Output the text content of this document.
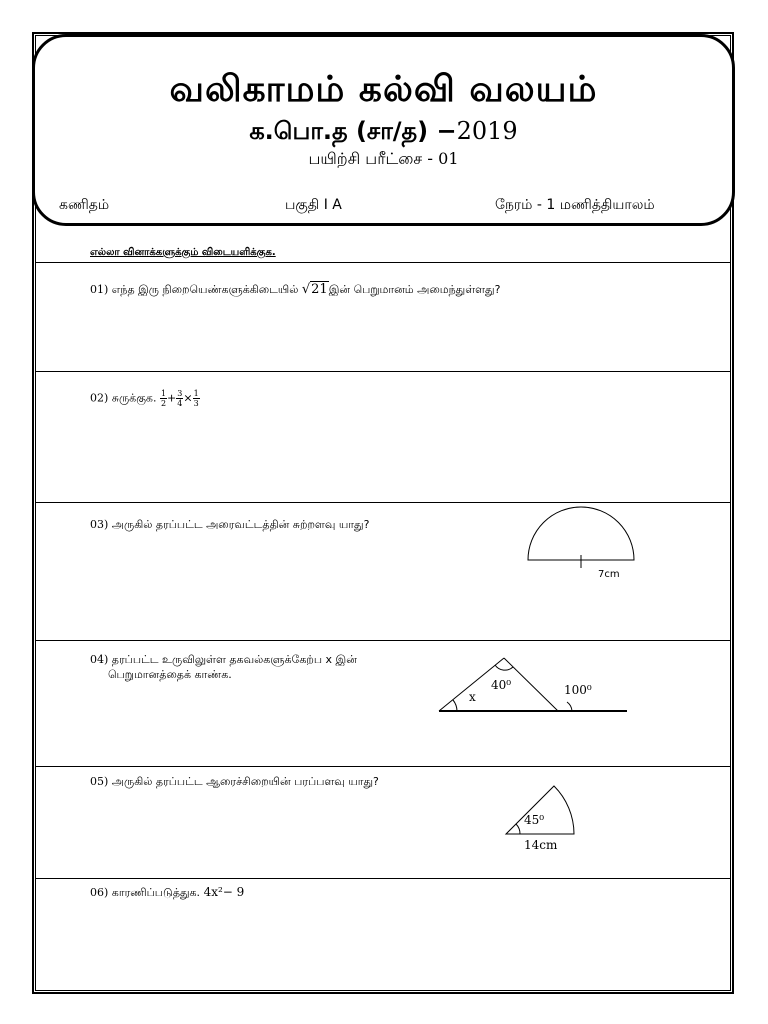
வலிகாமம் கல்வி வலயம்
க.பொ.த (சா/த) −2019
பயிற்சி பரீட்சை - 01
கணிதம்	பகுதி I A	நேரம் - 1 மணித்தியாலம்
எல்லா வினாக்களுக்கும் விடையளிக்குக.
01) எந்த இரு நிறையெண்களுக்கிடையில் √21இன் பெறுமானம் அமைந்துள்ளது?
02) சுருக்குக. $\frac{1}{2} + \frac{3}{4} \times \frac{1}{3}$
03) அருகில் தரப்பட்ட அரைவட்டத்தின் சுற்றளவு யாது?
7cm
04) தரப்பட்ட உருவிலுள்ள தகவல்களுக்கேற்ப x இன்
பெறுமானத்தைக் காண்க.
x
40⁰	100⁰
05) அருகில் தரப்பட்ட ஆரைச்சிறையின் பரப்பளவு யாது?
45⁰
14cm
06) காரணிப்படுத்துக. 4x²− 9
